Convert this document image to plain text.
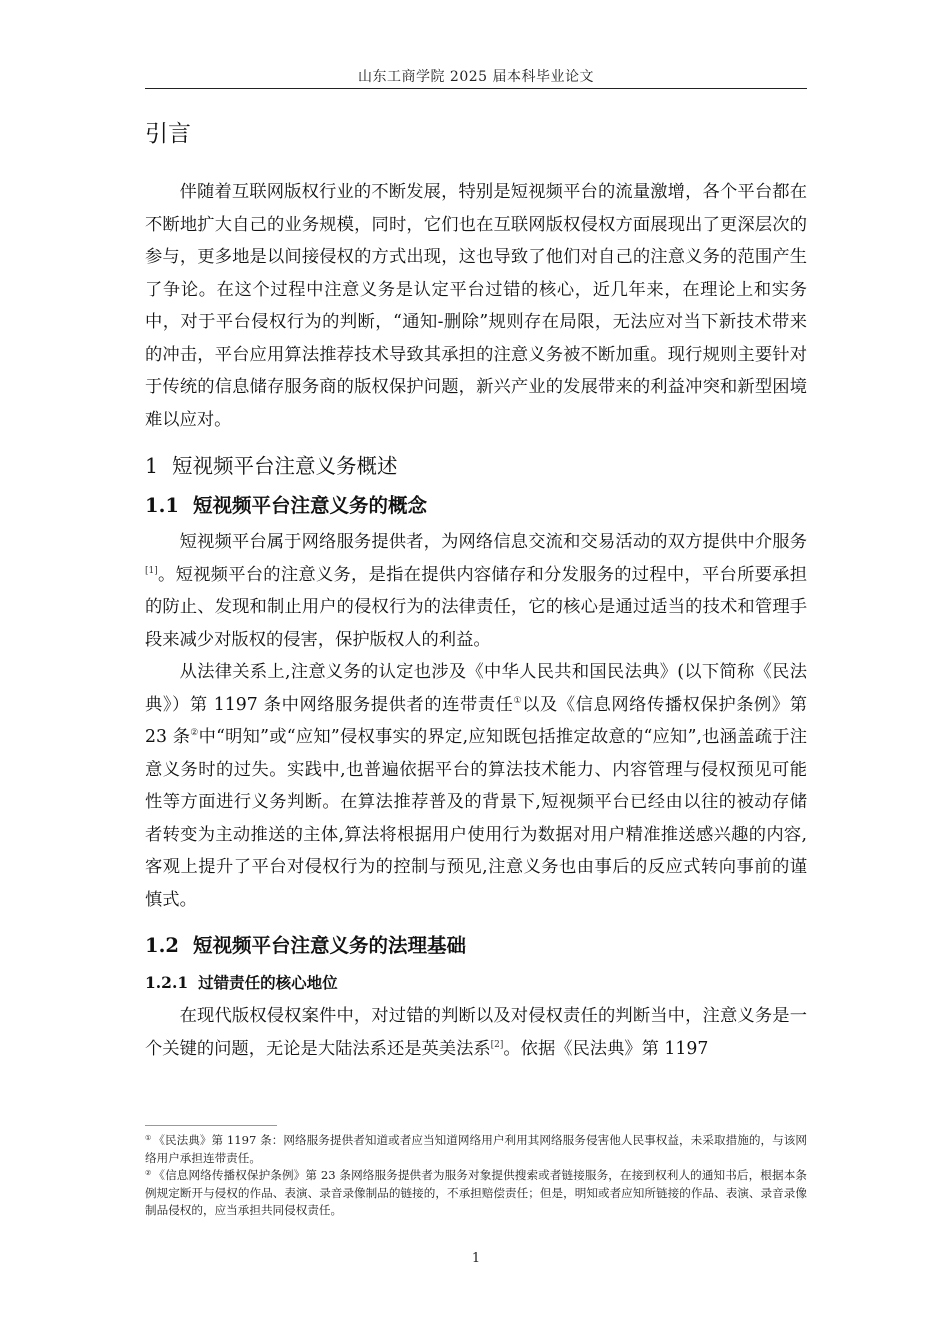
山东工商学院 2025 届本科毕业论文
引言

伴随着互联网版权行业的不断发展，特别是短视频平台的流量激增，各个平台都在不断地扩大自己的业务规模，同时，它们也在互联网版权侵权方面展现出了更深层次的参与，更多地是以间接侵权的方式出现，这也导致了他们对自己的注意义务的范围产生了争论。在这个过程中注意义务是认定平台过错的核心，近几年来，在理论上和实务中，对于平台侵权行为的判断，“通知-删除”规则存在局限，无法应对当下新技术带来的冲击，平台应用算法推荐技术导致其承担的注意义务被不断加重。现行规则主要针对于传统的信息储存服务商的版权保护问题，新兴产业的发展带来的利益冲突和新型困境难以应对。

1 短视频平台注意义务概述
1.1 短视频平台注意义务的概念

短视频平台属于网络服务提供者，为网络信息交流和交易活动的双方提供中介服务[1]。短视频平台的注意义务，是指在提供内容储存和分发服务的过程中，平台所要承担的防止、发现和制止用户的侵权行为的法律责任，它的核心是通过适当的技术和管理手段来减少对版权的侵害，保护版权人的利益。

从法律关系上,注意义务的认定也涉及《中华人民共和国民法典》(以下简称《民法典》）第 1197 条中网络服务提供者的连带责任①以及《信息网络传播权保护条例》第 23 条②中“明知”或“应知”侵权事实的界定,应知既包括推定故意的“应知”,也涵盖疏于注意义务时的过失。实践中,也普遍依据平台的算法技术能力、内容管理与侵权预见可能性等方面进行义务判断。在算法推荐普及的背景下,短视频平台已经由以往的被动存储者转变为主动推送的主体,算法将根据用户使用行为数据对用户精准推送感兴趣的内容,客观上提升了平台对侵权行为的控制与预见,注意义务也由事后的反应式转向事前的谨慎式。

1.2 短视频平台注意义务的法理基础
1.2.1 过错责任的核心地位

在现代版权侵权案件中，对过错的判断以及对侵权责任的判断当中，注意义务是一个关键的问题，无论是大陆法系还是英美法系[2]。依据《民法典》第 1197

① 《民法典》第 1197 条：网络服务提供者知道或者应当知道网络用户利用其网络服务侵害他人民事权益，未采取措施的，与该网络用户承担连带责任。

② 《信息网络传播权保护条例》第 23 条网络服务提供者为服务对象提供搜索或者链接服务，在接到权利人的通知书后，根据本条例规定断开与侵权的作品、表演、录音录像制品的链接的，不承担赔偿责任；但是，明知或者应知所链接的作品、表演、录音录像制品侵权的，应当承担共同侵权责任。

1
